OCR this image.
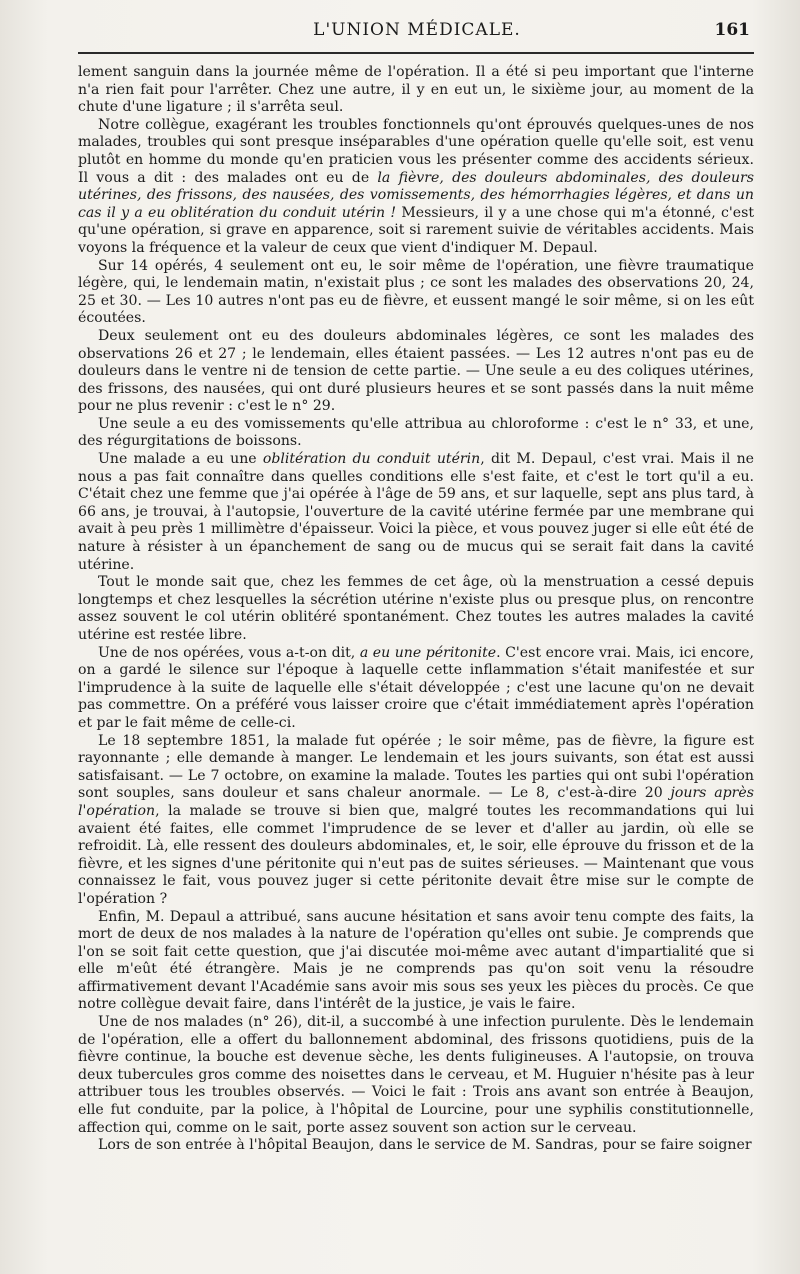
L'UNION MÉDICALE.	161

lement sanguin dans la journée même de l'opération. Il a été si peu important que l'interne n'a rien fait pour l'arrêter. Chez une autre, il y en eut un, le sixième jour, au moment de la chute d'une ligature ; il s'arrêta seul.

Notre collègue, exagérant les troubles fonctionnels qu'ont éprouvés quelques-unes de nos malades, troubles qui sont presque inséparables d'une opération quelle qu'elle soit, est venu plutôt en homme du monde qu'en praticien vous les présenter comme des accidents sérieux. Il vous a dit : des malades ont eu de la fièvre, des douleurs abdominales, des douleurs utérines, des frissons, des nausées, des vomissements, des hémorrhagies légères, et dans un cas il y a eu oblitération du conduit utérin ! Messieurs, il y a une chose qui m'a étonné, c'est qu'une opération, si grave en apparence, soit si rarement suivie de véritables accidents. Mais voyons la fréquence et la valeur de ceux que vient d'indiquer M. Depaul.

Sur 14 opérés, 4 seulement ont eu, le soir même de l'opération, une fièvre traumatique légère, qui, le lendemain matin, n'existait plus ; ce sont les malades des observations 20, 24, 25 et 30. — Les 10 autres n'ont pas eu de fièvre, et eussent mangé le soir même, si on les eût écoutées.

Deux seulement ont eu des douleurs abdominales légères, ce sont les malades des observations 26 et 27 ; le lendemain, elles étaient passées. — Les 12 autres n'ont pas eu de douleurs dans le ventre ni de tension de cette partie. — Une seule a eu des coliques utérines, des frissons, des nausées, qui ont duré plusieurs heures et se sont passés dans la nuit même pour ne plus revenir : c'est le n° 29.

Une seule a eu des vomissements qu'elle attribua au chloroforme : c'est le n° 33, et une, des régurgitations de boissons.

Une malade a eu une oblitération du conduit utérin, dit M. Depaul, c'est vrai. Mais il ne nous a pas fait connaître dans quelles conditions elle s'est faite, et c'est le tort qu'il a eu. C'était chez une femme que j'ai opérée à l'âge de 59 ans, et sur laquelle, sept ans plus tard, à 66 ans, je trouvai, à l'autopsie, l'ouverture de la cavité utérine fermée par une membrane qui avait à peu près 1 millimètre d'épaisseur. Voici la pièce, et vous pouvez juger si elle eût été de nature à résister à un épanchement de sang ou de mucus qui se serait fait dans la cavité utérine.

Tout le monde sait que, chez les femmes de cet âge, où la menstruation a cessé depuis longtemps et chez lesquelles la sécrétion utérine n'existe plus ou presque plus, on rencontre assez souvent le col utérin oblitéré spontanément. Chez toutes les autres malades la cavité utérine est restée libre.

Une de nos opérées, vous a-t-on dit, a eu une péritonite. C'est encore vrai. Mais, ici encore, on a gardé le silence sur l'époque à laquelle cette inflammation s'était manifestée et sur l'imprudence à la suite de laquelle elle s'était développée ; c'est une lacune qu'on ne devait pas commettre. On a préféré vous laisser croire que c'était immédiatement après l'opération et par le fait même de celle-ci.

Le 18 septembre 1851, la malade fut opérée ; le soir même, pas de fièvre, la figure est rayonnante ; elle demande à manger. Le lendemain et les jours suivants, son état est aussi satisfaisant. — Le 7 octobre, on examine la malade. Toutes les parties qui ont subi l'opération sont souples, sans douleur et sans chaleur anormale. — Le 8, c'est-à-dire 20 jours après l'opération, la malade se trouve si bien que, malgré toutes les recommandations qui lui avaient été faites, elle commet l'imprudence de se lever et d'aller au jardin, où elle se refroidit. Là, elle ressent des douleurs abdominales, et, le soir, elle éprouve du frisson et de la fièvre, et les signes d'une péritonite qui n'eut pas de suites sérieuses. — Maintenant que vous connaissez le fait, vous pouvez juger si cette péritonite devait être mise sur le compte de l'opération ?

Enfin, M. Depaul a attribué, sans aucune hésitation et sans avoir tenu compte des faits, la mort de deux de nos malades à la nature de l'opération qu'elles ont subie. Je comprends que l'on se soit fait cette question, que j'ai discutée moi-même avec autant d'impartialité que si elle m'eût été étrangère. Mais je ne comprends pas qu'on soit venu la résoudre affirmativement devant l'Académie sans avoir mis sous ses yeux les pièces du procès. Ce que notre collègue devait faire, dans l'intérêt de la justice, je vais le faire.

Une de nos malades (n° 26), dit-il, a succombé à une infection purulente. Dès le lendemain de l'opération, elle a offert du ballonnement abdominal, des frissons quotidiens, puis de la fièvre continue, la bouche est devenue sèche, les dents fuligineuses. A l'autopsie, on trouva deux tubercules gros comme des noisettes dans le cerveau, et M. Huguier n'hésite pas à leur attribuer tous les troubles observés. — Voici le fait : Trois ans avant son entrée à Beaujon, elle fut conduite, par la police, à l'hôpital de Lourcine, pour une syphilis constitutionnelle, affection qui, comme on le sait, porte assez souvent son action sur le cerveau.

Lors de son entrée à l'hôpital Beaujon, dans le service de M. Sandras, pour se faire soigner
